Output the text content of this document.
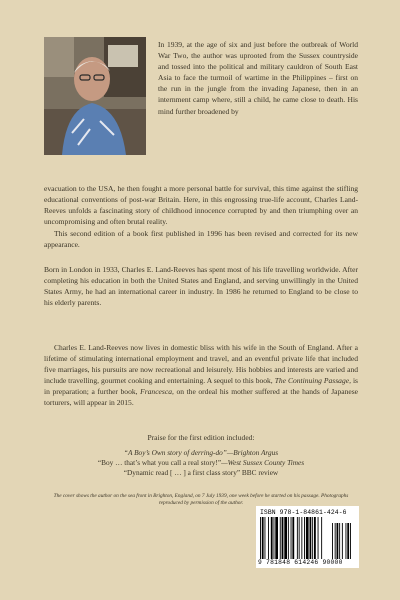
In 1939, at the age of six and just before the outbreak of World War Two, the author was uprooted from the Sussex countryside and tossed into the political and military cauldron of South East Asia to face the turmoil of wartime in the Philippines – first on the run in the jungle from the invading Japanese, then in an internment camp where, still a child, he came close to death. His mind further broadened by

evacuation to the USA, he then fought a more personal battle for survival, this time against the stifling educational conventions of post-war Britain. Here, in this engrossing true-life account, Charles Land-Reeves unfolds a fascinating story of childhood innocence corrupted by and then triumphing over an uncompromising and often brutal reality.

This second edition of a book first published in 1996 has been revised and corrected for its new appearance.

Born in London in 1933, Charles E. Land-Reeves has spent most of his life travelling worldwide. After completing his education in both the United States and England, and serving unwillingly in the United States Army, he had an international career in industry. In 1986 he returned to England to be close to his elderly parents.

Charles E. Land-Reeves now lives in domestic bliss with his wife in the South of England. After a lifetime of stimulating international employment and travel, and an eventful private life that included five marriages, his pursuits are now recreational and leisurely. His hobbies and interests are varied and include travelling, gourmet cooking and entertaining. A sequel to this book, The Continuing Passage, is in preparation; a further book, Francesca, on the ordeal his mother suffered at the hands of Japanese torturers, will appear in 2015.

Praise for the first edition included:

“A Boy’s Own story of derring-do”—Brighton Argus
“Boy … that’s what you call a real story!”—West Sussex County Times
“Dynamic read [ … ] a first class story” BBC review

The cover shows the author on the sea front in Brighton, England, on 7 July 1939, one week before he started on his passage. Photographs reproduced by permission of the author.

ISBN 978-1-84861-424-6
9 781848 614246 90000
